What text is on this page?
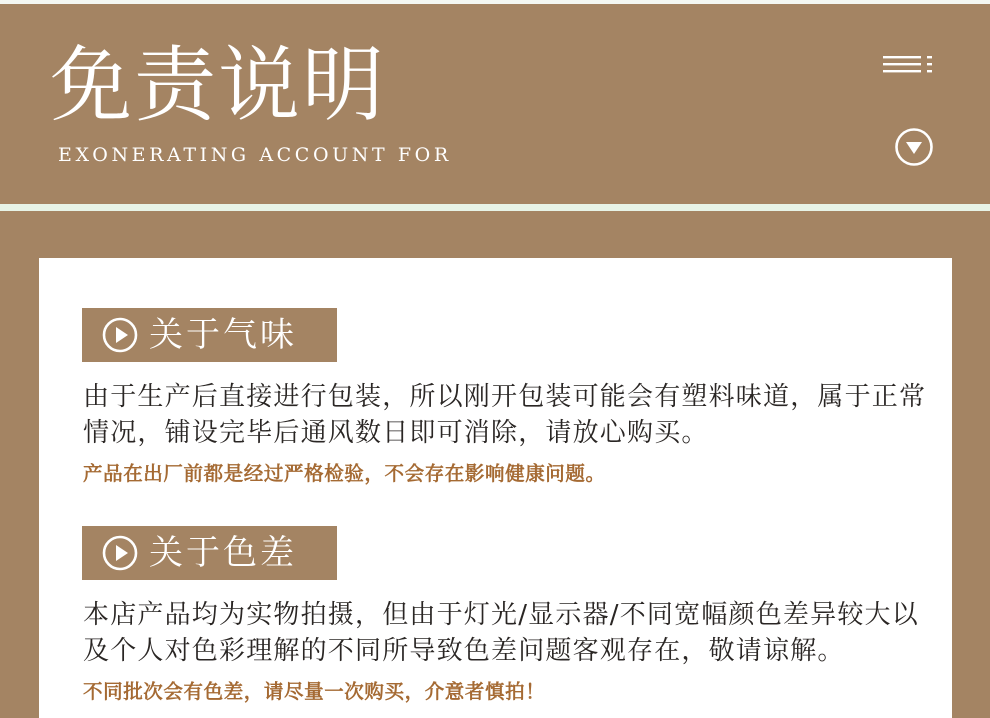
免责说明
EXONERATING ACCOUNT FOR
关于气味

由于生产后直接进行包装，所以刚开包装可能会有塑料味道，属于正常情况，铺设完毕后通风数日即可消除，请放心购买。

产品在出厂前都是经过严格检验，不会存在影响健康问题。

关于色差

本店产品均为实物拍摄，但由于灯光/显示器/不同宽幅颜色差异较大以及个人对色彩理解的不同所导致色差问题客观存在，敬请谅解。

不同批次会有色差，请尽量一次购买，介意者慎拍！
